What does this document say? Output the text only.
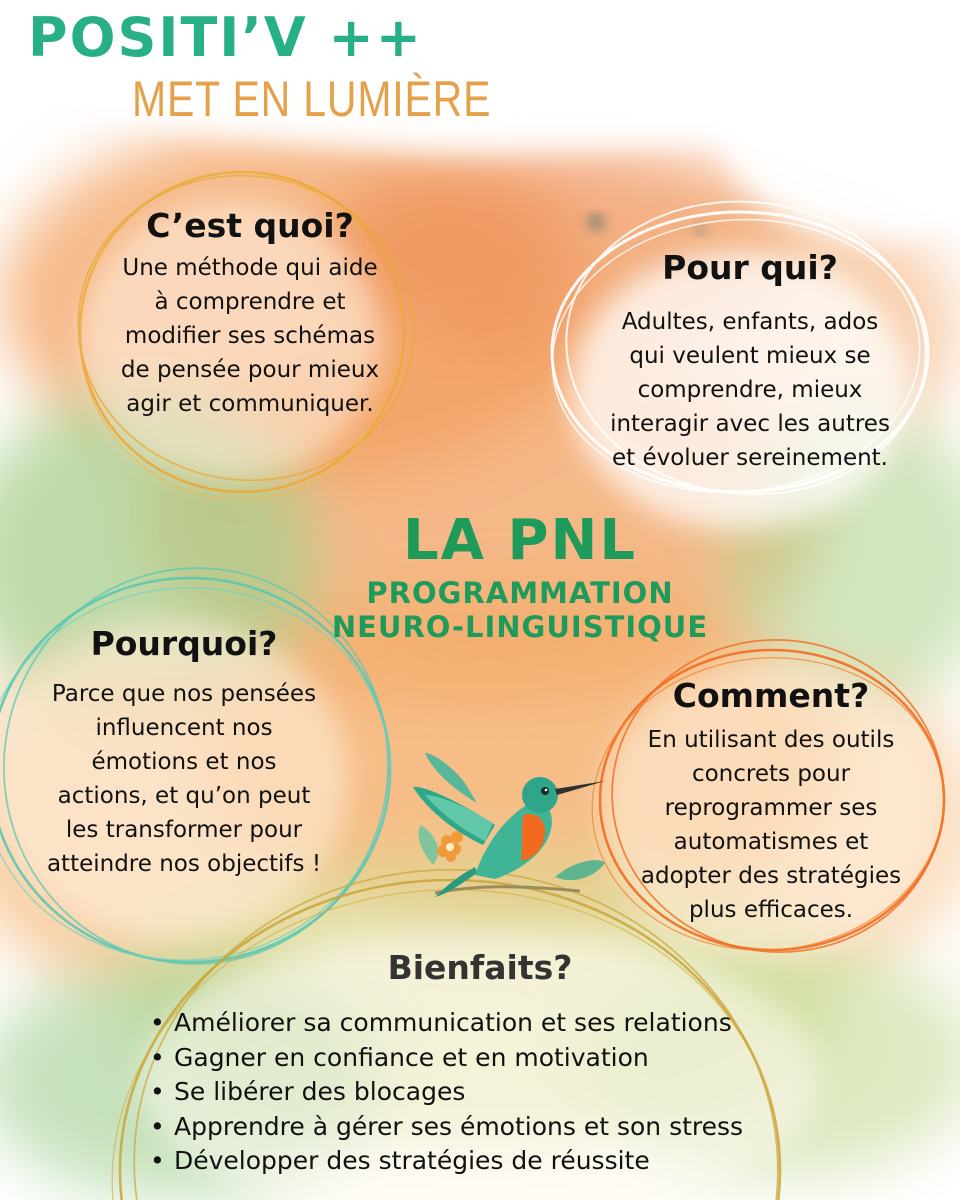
POSITI’V ++
MET EN LUMIÈRE
C’est quoi?
Une méthode qui aide
à comprendre et
modifier ses schémas
de pensée pour mieux
agir et communiquer.
Pour qui?
Adultes, enfants, ados
qui veulent mieux se
comprendre, mieux
interagir avec les autres
et évoluer sereinement.
LA PNL
PROGRAMMATION
NEURO-LINGUISTIQUE
Pourquoi?
Parce que nos pensées
influencent nos
émotions et nos
actions, et qu’on peut
les transformer pour
atteindre nos objectifs !
Comment?
En utilisant des outils
concrets pour
reprogrammer ses
automatismes et
adopter des stratégies
plus efficaces.
Bienfaits?
• Améliorer sa communication et ses relations
• Gagner en confiance et en motivation
• Se libérer des blocages
• Apprendre à gérer ses émotions et son stress
• Développer des stratégies de réussite
